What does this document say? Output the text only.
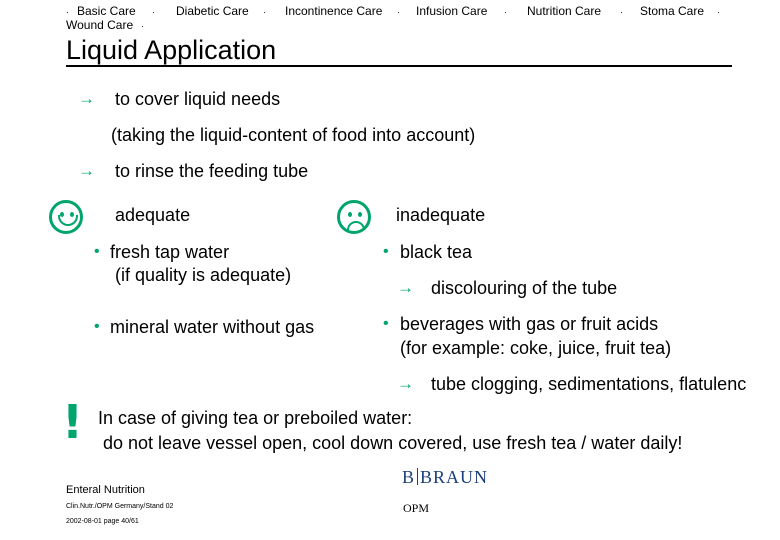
· Basic Care · Diabetic Care · Incontinence Care · Infusion Care · Nutrition Care · Stoma Care ·
Wound Care ·
Liquid Application
→ to cover liquid needs
(taking the liquid-content of food into account)
→ to rinse the feeding tube
adequate
• fresh tap water
(if quality is adequate)
• mineral water without gas
inadequate
• black tea
→ discolouring of the tube
• beverages with gas or fruit acids
(for example: coke, juice, fruit tea)
→ tube clogging, sedimentations, flatulenc
! In case of giving tea or preboiled water:
do not leave vessel open, cool down covered, use fresh tea / water daily!
Enteral Nutrition
Clin.Nutr./OPM Germany/Stand 02
2002-08-01 page 40/61
B BRAUN
OPM
